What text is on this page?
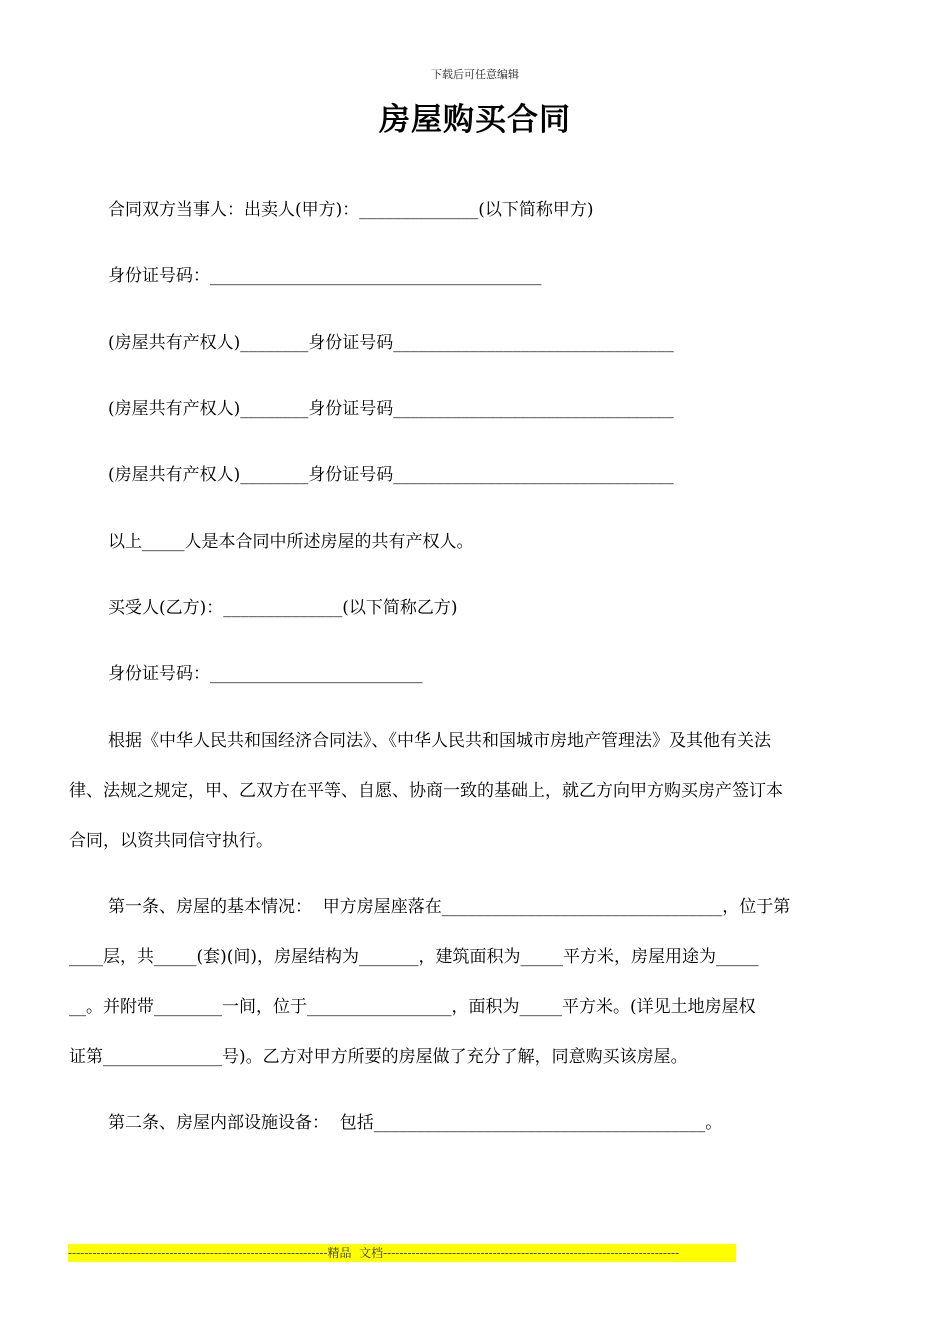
下载后可任意编辑
房屋购买合同
合同双方当事人：出卖人(甲方)：______________(以下简称甲方)
身份证号码：_______________________________________
(房屋共有产权人)________身份证号码_________________________________
(房屋共有产权人)________身份证号码_________________________________
(房屋共有产权人)________身份证号码_________________________________
以上_____人是本合同中所述房屋的共有产权人。
买受人(乙方)：______________(以下简称乙方)
身份证号码：_________________________
根据《中华人民共和国经济合同法》、《中华人民共和国城市房地产管理法》及其他有关法
律、法规之规定，甲、乙双方在平等、自愿、协商一致的基础上，就乙方向甲方购买房产签订本
合同，以资共同信守执行。
第一条、房屋的基本情况：  甲方房屋座落在_________________________________，位于第
____层，共_____(套)(间)，房屋结构为_______，建筑面积为_____平方米，房屋用途为_____
__。并附带________一间，位于_________________，面积为_____平方米。(详见土地房屋权
证第______________号)。乙方对甲方所要的房屋做了充分了解，同意购买该房屋。
第二条、房屋内部设施设备：  包括_______________________________________。
----------------------------------------------------------------精品  文档-------------------------------------------------------------------------
